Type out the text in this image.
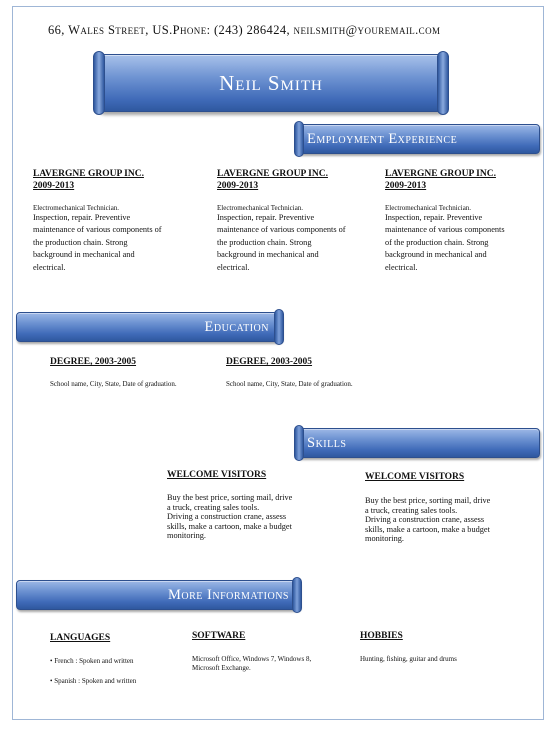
66, Wales Street, US.Phone: (243) 286424, neilsmith@youremail.com
Neil Smith
Employment Experience
LAVERGNE GROUP INC.
2009-2013
Electromechanical Technician.
Inspection, repair. Preventive
maintenance of various components of
the production chain. Strong
background in mechanical and
electrical.
LAVERGNE GROUP INC.
2009-2013
Electromechanical Technician.
Inspection, repair. Preventive
maintenance of various components of
the production chain. Strong
background in mechanical and
electrical.
LAVERGNE GROUP INC.
2009-2013
Electromechanical Technician.
Inspection, repair. Preventive
maintenance of various components
of the production chain. Strong
background in mechanical and
electrical.
Education
DEGREE, 2003-2005
School name, City, State, Date of graduation.
DEGREE, 2003-2005
School name, City, State, Date of graduation.
Skills
WELCOME VISITORS
Buy the best price, sorting mail, drive
a truck, creating sales tools.
Driving a construction crane, assess
skills, make a cartoon, make a budget
monitoring.
WELCOME VISITORS
Buy the best price, sorting mail, drive
a truck, creating sales tools.
Driving a construction crane, assess
skills, make a cartoon, make a budget
monitoring.
More Informations
LANGUAGES
• French : Spoken and written
• Spanish : Spoken and written
SOFTWARE
Microsoft Office, Windows 7, Windows 8,
Microsoft Exchange.
HOBBIES
Hunting, fishing, guitar and drums
